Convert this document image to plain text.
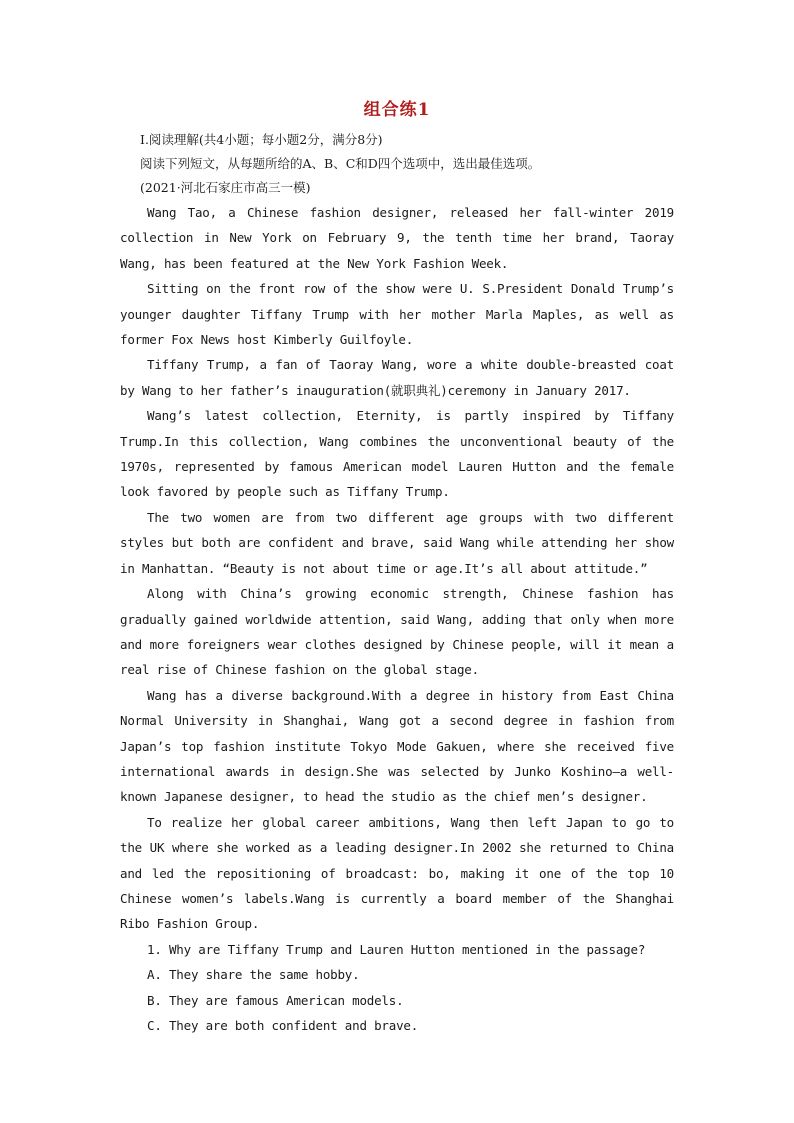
组合练1

Ⅰ.阅读理解(共4小题；每小题2分，满分8分)

阅读下列短文，从每题所给的A、B、C和D四个选项中，选出最佳选项。

(2021·河北石家庄市高三一模)

Wang Tao, a Chinese fashion designer, released her fall-winter 2019 collection in New York on February 9, the tenth time her brand, Taoray Wang, has been featured at the New York Fashion Week.

Sitting on the front row of the show were U. S.President Donald Trump’s younger daughter Tiffany Trump with her mother Marla Maples, as well as former Fox News host Kimberly Guilfoyle.

Tiffany Trump, a fan of Taoray Wang, wore a white double-breasted coat by Wang to her father’s inauguration(就职典礼)ceremony in January 2017.

Wang’s latest collection, Eternity, is partly inspired by Tiffany Trump.In this collection, Wang combines the unconventional beauty of the 1970s, represented by famous American model Lauren Hutton and the female look favored by people such as Tiffany Trump.

The two women are from two different age groups with two different styles but both are confident and brave, said Wang while attending her show in Manhattan. “Beauty is not about time or age.It’s all about attitude.”

Along with China’s growing economic strength, Chinese fashion has gradually gained worldwide attention, said Wang, adding that only when more and more foreigners wear clothes designed by Chinese people, will it mean a real rise of Chinese fashion on the global stage.

Wang has a diverse background.With a degree in history from East China Normal University in Shanghai, Wang got a second degree in fashion from Japan’s top fashion institute Tokyo Mode Gakuen, where she received five international awards in design.She was selected by Junko Koshino—a well-known Japanese designer, to head the studio as the chief men’s designer.

To realize her global career ambitions, Wang then left Japan to go to the UK where she worked as a leading designer.In 2002 she returned to China and led the repositioning of broadcast: bo, making it one of the top 10 Chinese women’s labels.Wang is currently a board member of the Shanghai Ribo Fashion Group.

1. Why are Tiffany Trump and Lauren Hutton mentioned in the passage?

A. They share the same hobby.

B. They are famous American models.

C. They are both confident and brave.
